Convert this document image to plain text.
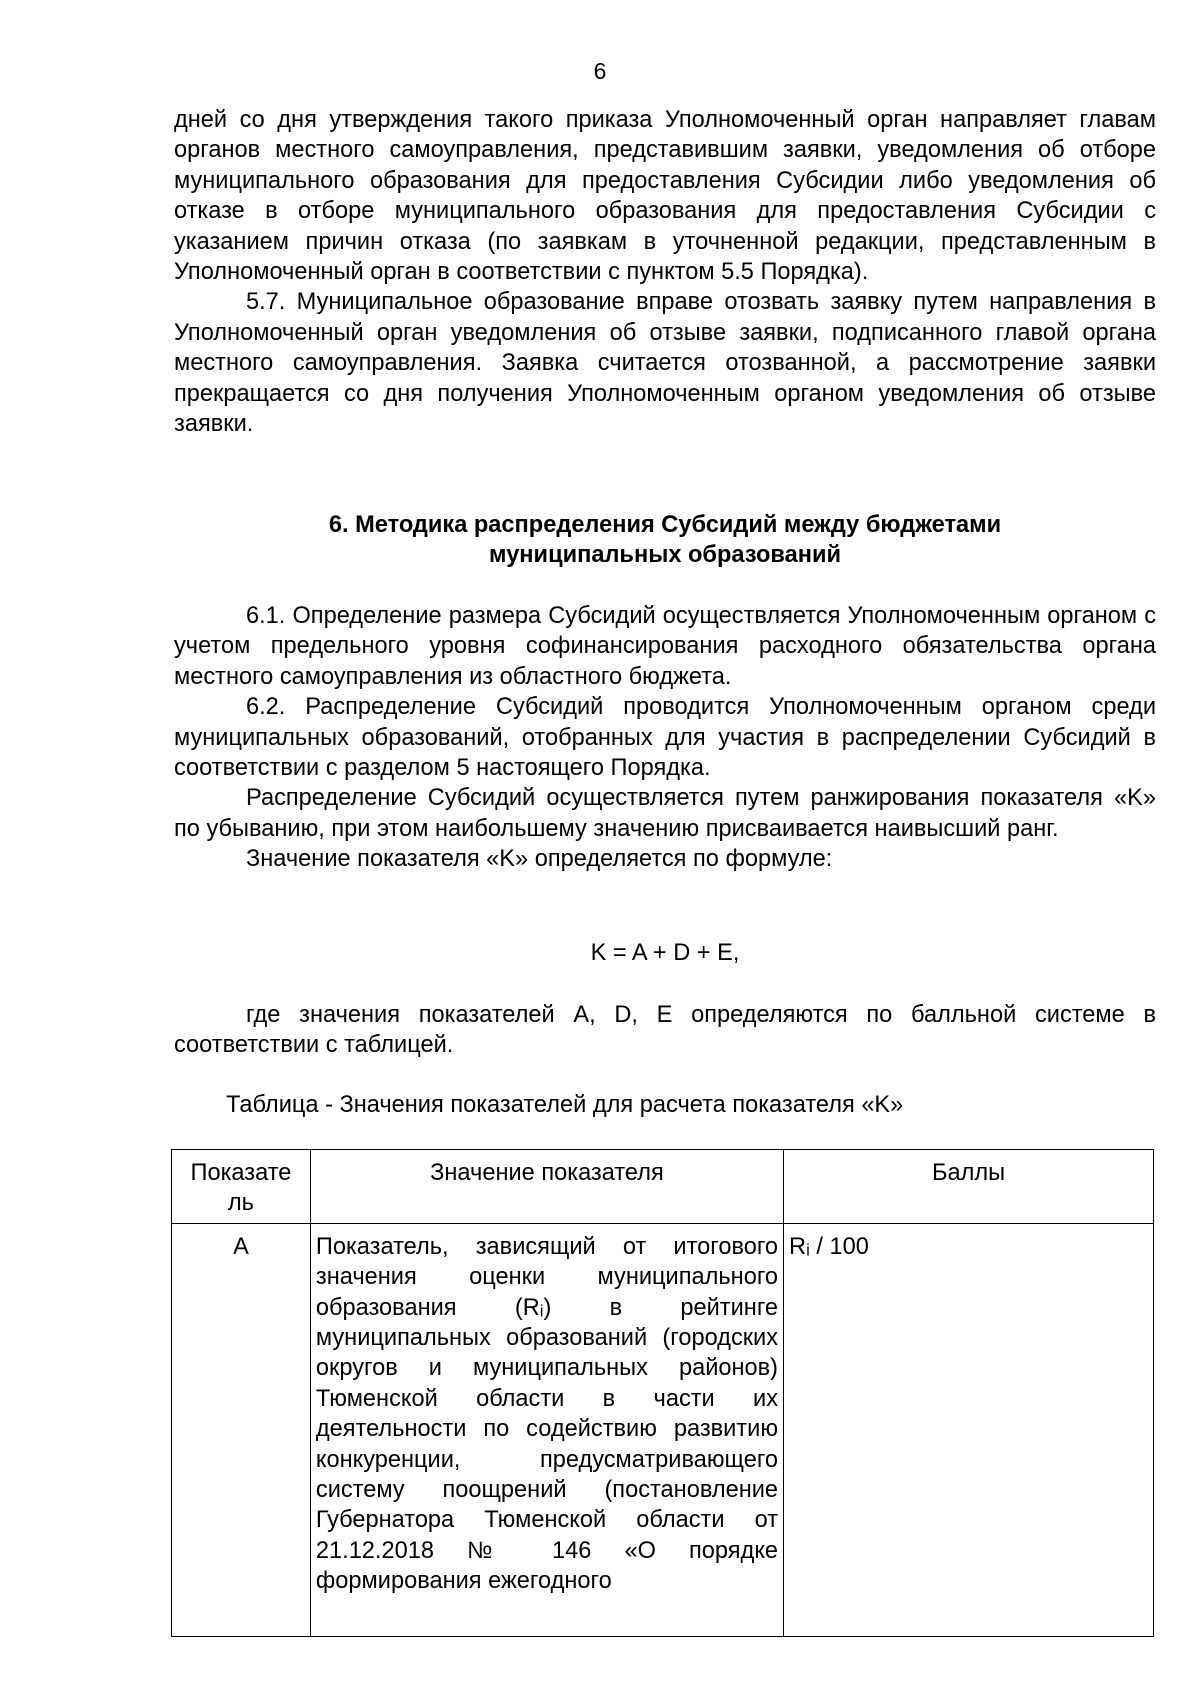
6

дней со дня утверждения такого приказа Уполномоченный орган направляет главам органов местного самоуправления, представившим заявки, уведомления об отборе муниципального образования для предоставления Субсидии либо уведомления об отказе в отборе муниципального образования для предоставления Субсидии с указанием причин отказа (по заявкам в уточненной редакции, представленным в Уполномоченный орган в соответствии с пунктом 5.5 Порядка).

5.7. Муниципальное образование вправе отозвать заявку путем направления в Уполномоченный орган уведомления об отзыве заявки, подписанного главой органа местного самоуправления. Заявка считается отозванной, а рассмотрение заявки прекращается со дня получения Уполномоченным органом уведомления об отзыве заявки.

6. Методика распределения Субсидий между бюджетами
муниципальных образований

6.1. Определение размера Субсидий осуществляется Уполномоченным органом с учетом предельного уровня софинансирования расходного обязательства органа местного самоуправления из областного бюджета.

6.2. Распределение Субсидий проводится Уполномоченным органом среди муниципальных образований, отобранных для участия в распределении Субсидий в соответствии с разделом 5 настоящего Порядка.

Распределение Субсидий осуществляется путем ранжирования показателя «K» по убыванию, при этом наибольшему значению присваивается наивысший ранг.

Значение показателя «K» определяется по формуле:

K = A + D + E,

где значения показателей A, D, E определяются по балльной системе в соответствии с таблицей.

Таблица - Значения показателей для расчета показателя «K»
Показате ль	Значение показателя	Баллы
A	Показатель, зависящий от итогового значения оценки муниципального образования (Rᵢ) в рейтинге муниципальных образований (городских округов и муниципальных районов) Тюменской области в части их деятельности по содействию развитию конкуренции, предусматривающего систему поощрений (постановление Губернатора Тюменской области от 21.12.2018 № 146 «О порядке формирования ежегодного	Rᵢ / 100
